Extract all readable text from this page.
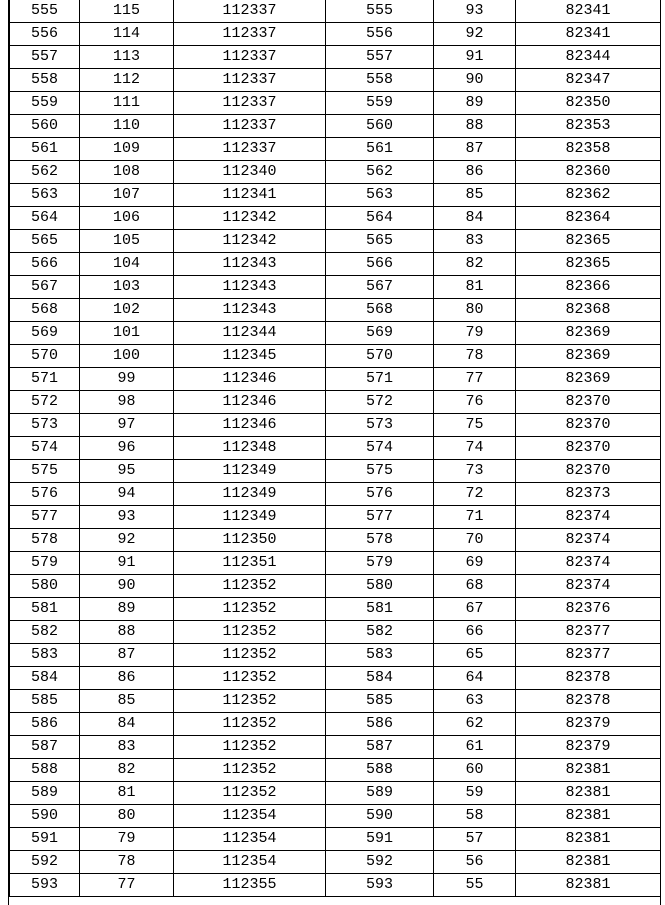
555	115	112337	555	93	82341
556	114	112337	556	92	82341
557	113	112337	557	91	82344
558	112	112337	558	90	82347
559	111	112337	559	89	82350
560	110	112337	560	88	82353
561	109	112337	561	87	82358
562	108	112340	562	86	82360
563	107	112341	563	85	82362
564	106	112342	564	84	82364
565	105	112342	565	83	82365
566	104	112343	566	82	82365
567	103	112343	567	81	82366
568	102	112343	568	80	82368
569	101	112344	569	79	82369
570	100	112345	570	78	82369
571	99	112346	571	77	82369
572	98	112346	572	76	82370
573	97	112346	573	75	82370
574	96	112348	574	74	82370
575	95	112349	575	73	82370
576	94	112349	576	72	82373
577	93	112349	577	71	82374
578	92	112350	578	70	82374
579	91	112351	579	69	82374
580	90	112352	580	68	82374
581	89	112352	581	67	82376
582	88	112352	582	66	82377
583	87	112352	583	65	82377
584	86	112352	584	64	82378
585	85	112352	585	63	82378
586	84	112352	586	62	82379
587	83	112352	587	61	82379
588	82	112352	588	60	82381
589	81	112352	589	59	82381
590	80	112354	590	58	82381
591	79	112354	591	57	82381
592	78	112354	592	56	82381
593	77	112355	593	55	82381
